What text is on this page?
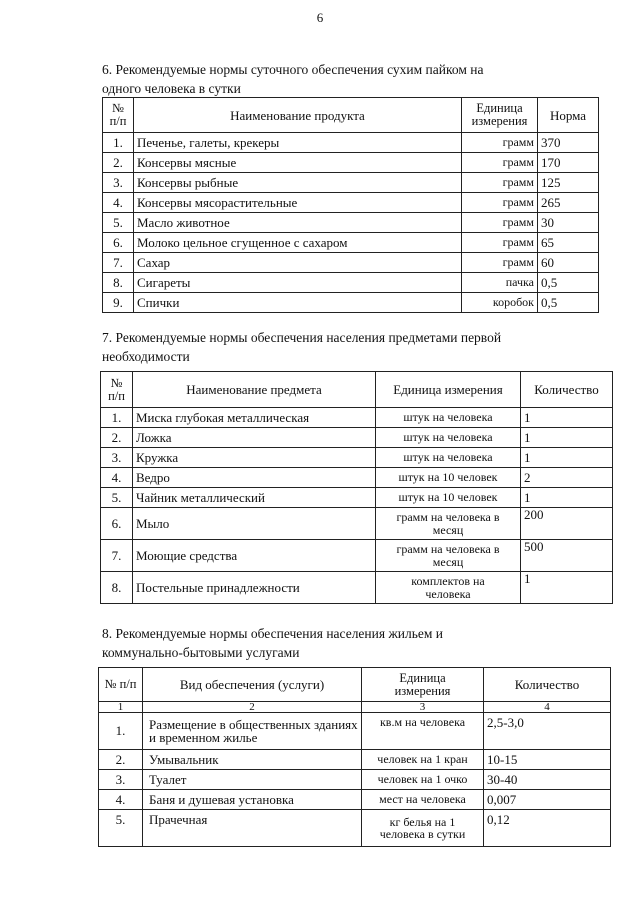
6
6. Рекомендуемые нормы суточного обеспечения сухим пайком на
одного человека в сутки
№ п/п	Наименование продукта	Единица измерения	Норма
1.	Печенье, галеты, крекеры	грамм	370
2.	Консервы мясные	грамм	170
3.	Консервы рыбные	грамм	125
4.	Консервы мясорастительные	грамм	265
5.	Масло животное	грамм	30
6.	Молоко цельное сгущенное с сахаром	грамм	65
7.	Сахар	грамм	60
8.	Сигареты	пачка	0,5
9.	Спички	коробок	0,5
7. Рекомендуемые нормы обеспечения населения предметами первой
необходимости
№ п/п	Наименование предмета	Единица измерения	Количество
1.	Миска глубокая металлическая	штук на человека	1
2.	Ложка	штук на человека	1
3.	Кружка	штук на человека	1
4.	Ведро	штук на 10 человек	2
5.	Чайник металлический	штук на 10 человек	1
6.	Мыло	грамм на человека в месяц	200
7.	Моющие средства	грамм на человека в месяц	500
8.	Постельные принадлежности	комплектов на человека	1
8. Рекомендуемые нормы обеспечения населения жильем и
коммунально-бытовыми услугами
№ п/п	Вид обеспечения (услуги)	Единица измерения	Количество
1	2	3	4
1.	Размещение в общественных зданиях и временном жилье	кв.м на человека	2,5-3,0
2.	Умывальник	человек на 1 кран	10-15
3.	Туалет	человек на 1 очко	30-40
4.	Баня и душевая установка	мест на человека	0,007
5.	Прачечная	кг белья на 1 человека в сутки	0,12
